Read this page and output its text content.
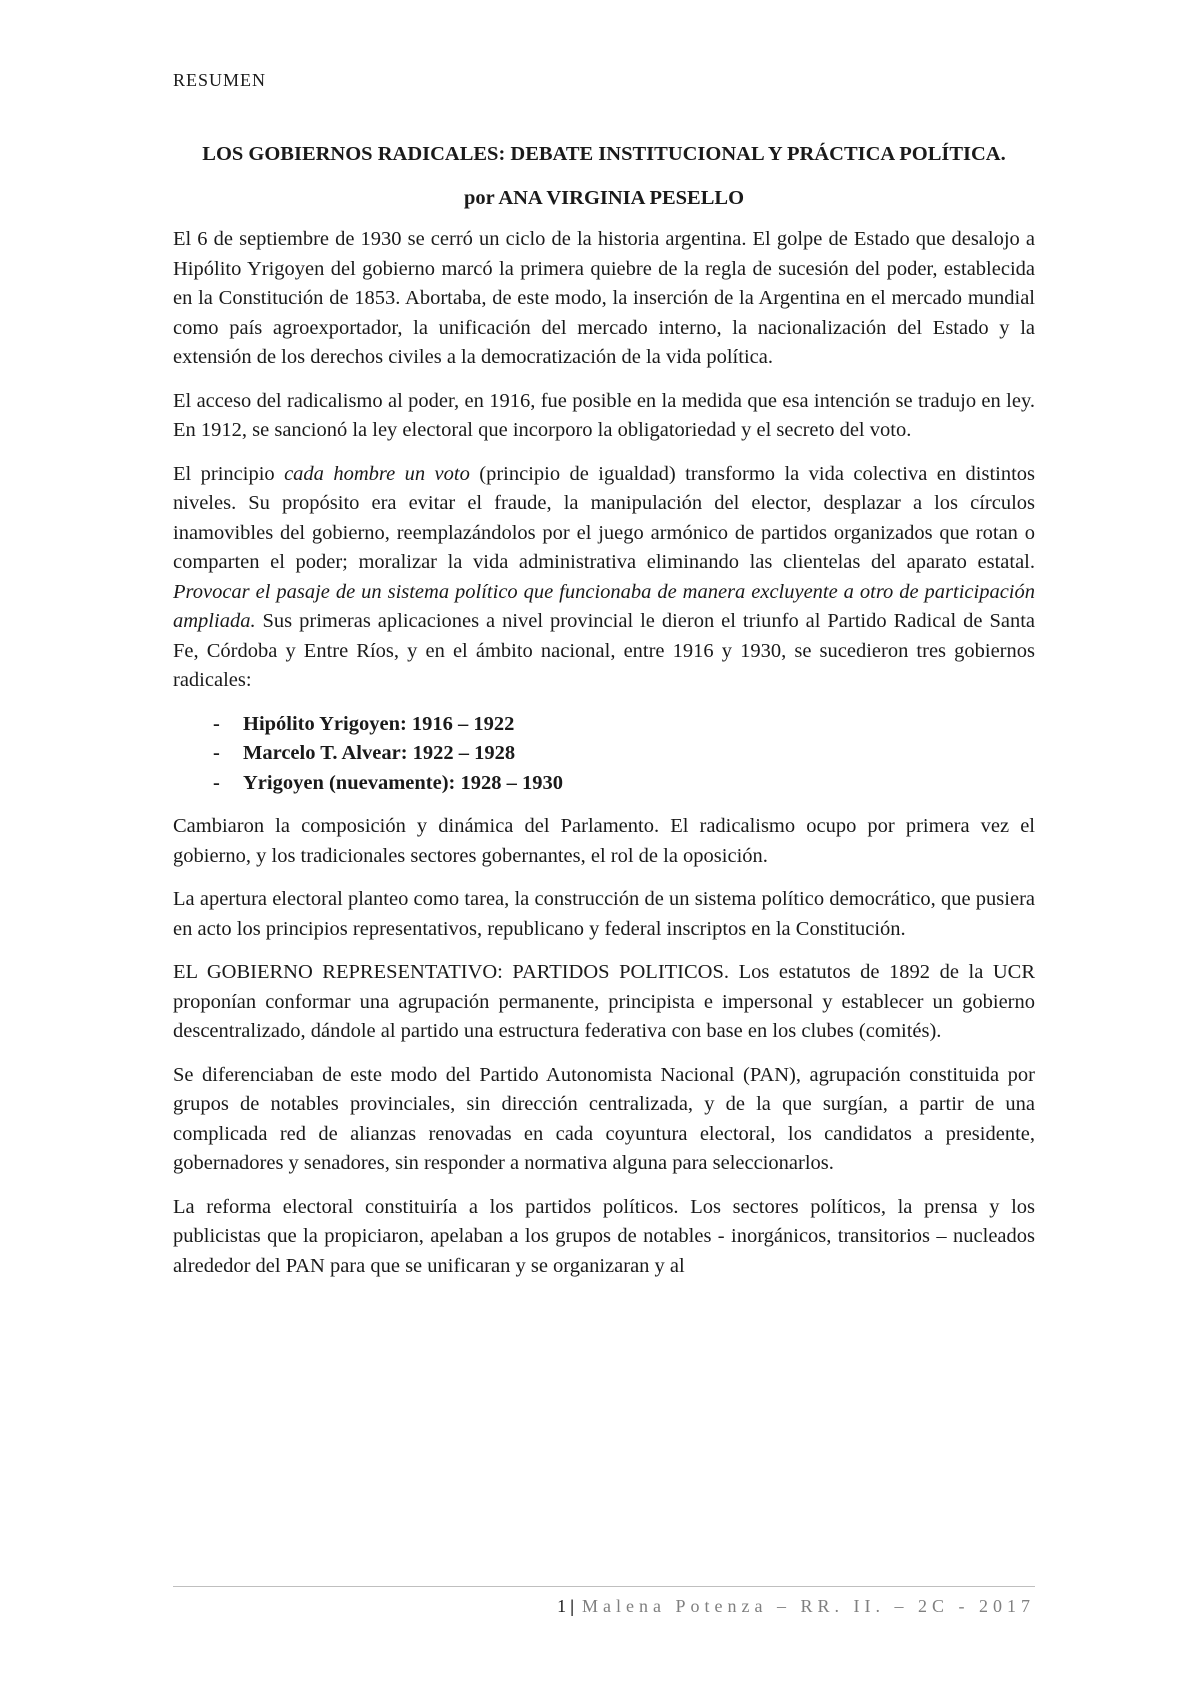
RESUMEN
LOS GOBIERNOS RADICALES: DEBATE INSTITUCIONAL Y PRÁCTICA POLÍTICA.
por ANA VIRGINIA PESELLO

El 6 de septiembre de 1930 se cerró un ciclo de la historia argentina. El golpe de Estado que desalojo a Hipólito Yrigoyen del gobierno marcó la primera quiebre de la regla de sucesión del poder, establecida en la Constitución de 1853. Abortaba, de este modo, la inserción de la Argentina en el mercado mundial como país agroexportador, la unificación del mercado interno, la nacionalización del Estado y la extensión de los derechos civiles a la democratización de la vida política.

El acceso del radicalismo al poder, en 1916, fue posible en la medida que esa intención se tradujo en ley. En 1912, se sancionó la ley electoral que incorporo la obligatoriedad y el secreto del voto.

El principio cada hombre un voto (principio de igualdad) transformo la vida colectiva en distintos niveles. Su propósito era evitar el fraude, la manipulación del elector, desplazar a los círculos inamovibles del gobierno, reemplazándolos por el juego armónico de partidos organizados que rotan o comparten el poder; moralizar la vida administrativa eliminando las clientelas del aparato estatal. Provocar el pasaje de un sistema político que funcionaba de manera excluyente a otro de participación ampliada. Sus primeras aplicaciones a nivel provincial le dieron el triunfo al Partido Radical de Santa Fe, Córdoba y Entre Ríos, y en el ámbito nacional, entre 1916 y 1930, se sucedieron tres gobiernos radicales:

- Hipólito Yrigoyen: 1916 – 1922
- Marcelo T. Alvear: 1922 – 1928
- Yrigoyen (nuevamente): 1928 – 1930

Cambiaron la composición y dinámica del Parlamento. El radicalismo ocupo por primera vez el gobierno, y los tradicionales sectores gobernantes, el rol de la oposición.

La apertura electoral planteo como tarea, la construcción de un sistema político democrático, que pusiera en acto los principios representativos, republicano y federal inscriptos en la Constitución.

EL GOBIERNO REPRESENTATIVO: PARTIDOS POLITICOS. Los estatutos de 1892 de la UCR proponían conformar una agrupación permanente, principista e impersonal y establecer un gobierno descentralizado, dándole al partido una estructura federativa con base en los clubes (comités).

Se diferenciaban de este modo del Partido Autonomista Nacional (PAN), agrupación constituida por grupos de notables provinciales, sin dirección centralizada, y de la que surgían, a partir de una complicada red de alianzas renovadas en cada coyuntura electoral, los candidatos a presidente, gobernadores y senadores, sin responder a normativa alguna para seleccionarlos.

La reforma electoral constituiría a los partidos políticos. Los sectores políticos, la prensa y los publicistas que la propiciaron, apelaban a los grupos de notables - inorgánicos, transitorios – nucleados alrededor del PAN para que se unificaran y se organizaran y al

1 | Malena Potenza – RR. II. – 2C - 2017
